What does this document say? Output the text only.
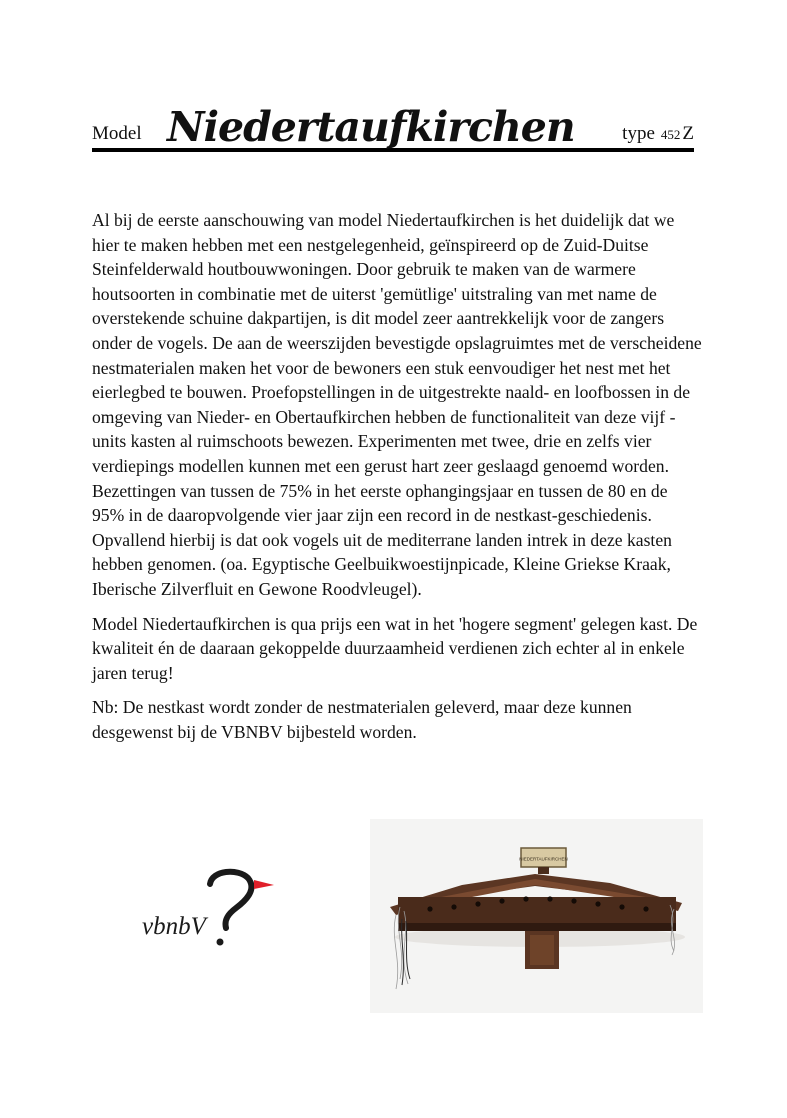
Model Niedertaufkirchen type 452 Z

Al bij de eerste aanschouwing van model Niedertaufkirchen is het duidelijk dat we hier te maken hebben met een nestgelegenheid, geïnspireerd op de Zuid-Duitse Steinfelderwald houtbouwwoningen. Door gebruik te maken van de warmere houtsoorten in combinatie met de uiterst 'gemütlige' uitstraling van met name de overstekende schuine dakpartijen, is dit model zeer aantrekkelijk voor de zangers onder de vogels. De aan de weerszijden bevestigde opslagruimtes met de verscheidene nestmaterialen maken het voor de bewoners een stuk eenvoudiger het nest met het eierlegbed te bouwen. Proefopstellingen in de uitgestrekte naald- en loofbossen in de omgeving van Nieder- en Obertaufkirchen hebben de functionaliteit van deze vijf - units kasten al ruimschoots bewezen. Experimenten met twee, drie en zelfs vier verdiepings modellen kunnen met een gerust hart zeer geslaagd genoemd worden. Bezettingen van tussen de 75% in het eerste ophangingsjaar en tussen de 80 en de 95% in de daaropvolgende vier jaar zijn een record in de nestkast-geschiedenis. Opvallend hierbij is dat ook vogels uit de mediterrane landen intrek in deze kasten hebben genomen. (oa. Egyptische Geelbuikwoestijnpicade, Kleine Griekse Kraak, Iberische Zilverfluit en Gewone Roodvleugel).

Model Niedertaufkirchen is qua prijs een wat in het 'hogere segment' gelegen kast. De kwaliteit én de daaraan gekoppelde duurzaamheid verdienen zich echter al in enkele jaren terug!

Nb: De nestkast wordt zonder de nestmaterialen geleverd, maar deze kunnen desgewenst bij de VBNBV bijbesteld worden.

vbnbV
NIEDERTAUFKIRCHEN
